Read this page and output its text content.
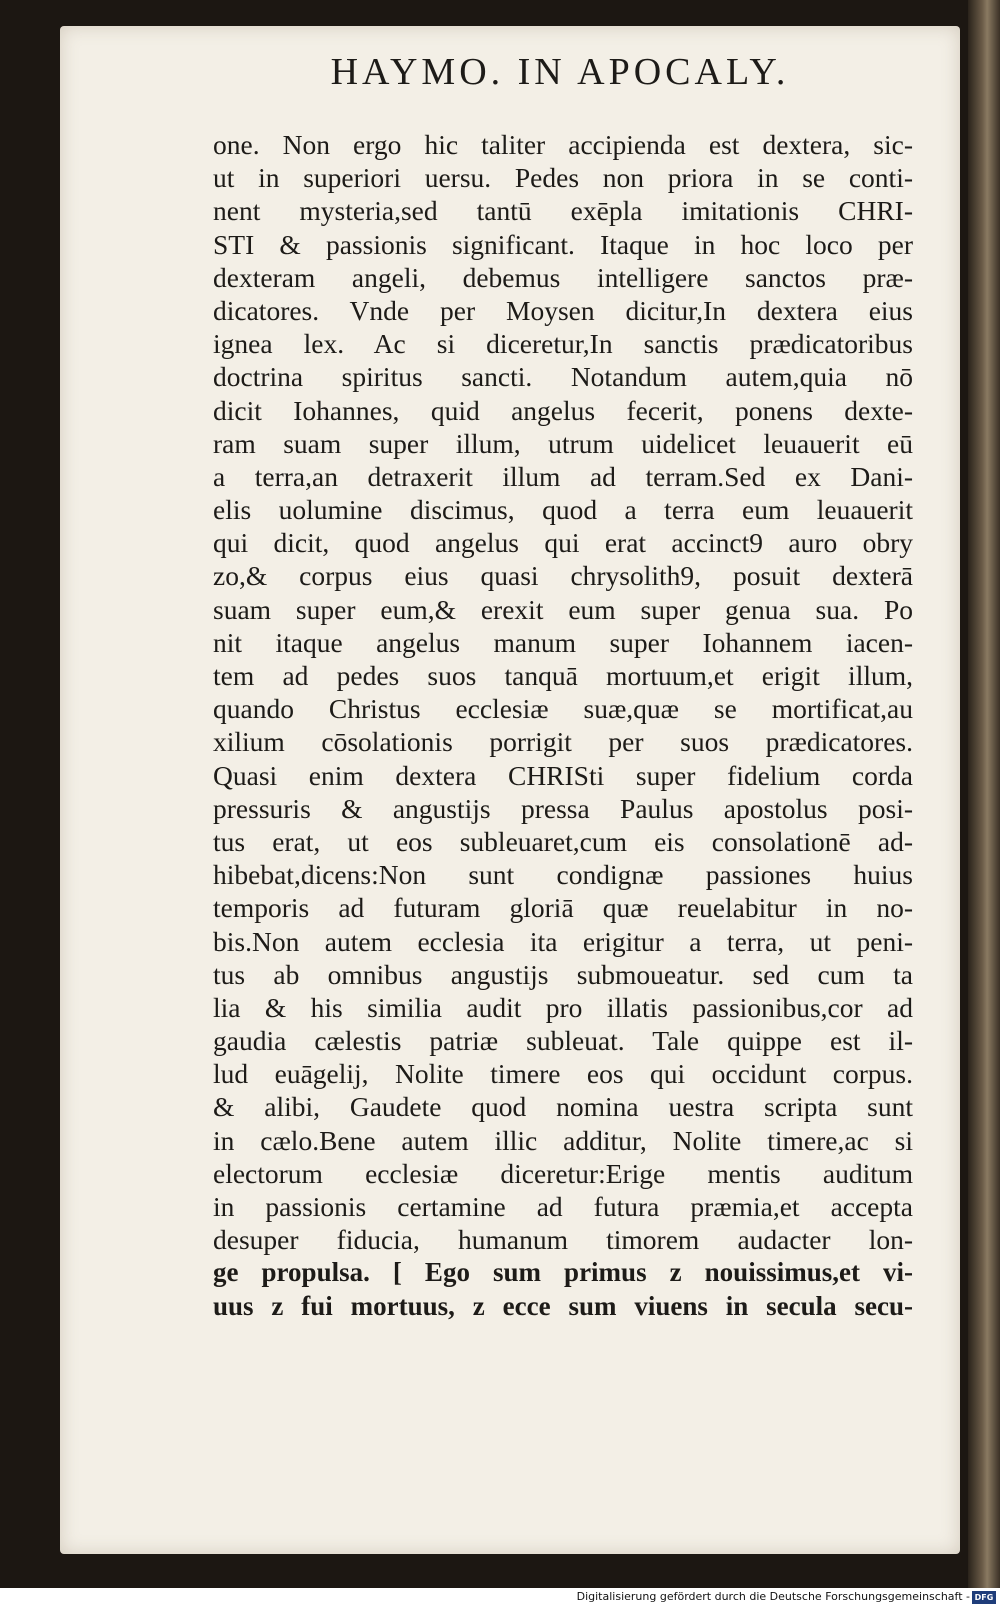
HAYMO. IN APOCALY.
one. Non ergo hic taliter accipienda est dextera, sic-
ut in superiori uersu. Pedes non priora in se conti-
nent mysteria,sed tantū exēpla imitationis CHRI-
STI & passionis significant. Itaque in hoc loco per
dexteram angeli, debemus intelligere sanctos præ-
dicatores. Vnde per Moysen dicitur,In dextera eius
ignea lex. Ac si diceretur,In sanctis prædicatoribus
doctrina spiritus sancti. Notandum autem,quia nō
dicit Iohannes, quid angelus fecerit, ponens dexte-
ram suam super illum, utrum uidelicet leuauerit eū
a terra,an detraxerit illum ad terram.Sed ex Dani-
elis uolumine discimus, quod a terra eum leuauerit
qui dicit, quod angelus qui erat accinct9 auro obry
zo,& corpus eius quasi chrysolith9, posuit dexterā
suam super eum,& erexit eum super genua sua. Po
nit itaque angelus manum super Iohannem iacen-
tem ad pedes suos tanquā mortuum,et erigit illum,
quando Christus ecclesiæ suæ,quæ se mortificat,au
xilium cōsolationis porrigit per suos prædicatores.
Quasi enim dextera CHRISti super fidelium corda
pressuris & angustijs pressa Paulus apostolus posi-
tus erat, ut eos subleuaret,cum eis consolationē ad-
hibebat,dicens:Non sunt condignæ passiones huius
temporis ad futuram gloriā quæ reuelabitur in no-
bis.Non autem ecclesia ita erigitur a terra, ut peni-
tus ab omnibus angustijs submoueatur. sed cum ta
lia & his similia audit pro illatis passionibus,cor ad
gaudia cælestis patriæ subleuat. Tale quippe est il-
lud euāgelij, Nolite timere eos qui occidunt corpus.
& alibi, Gaudete quod nomina uestra scripta sunt
in cælo.Bene autem illic additur, Nolite timere,ac si
electorum ecclesiæ diceretur:Erige mentis auditum
in passionis certamine ad futura præmia,et accepta
desuper fiducia, humanum timorem audacter lon-
ge propulsa. [ Ego sum primus z nouissimus,et vi-
uus z fui mortuus, z ecce sum viuens in secula secu-
Digitalisierung gefördert durch die Deutsche Forschungsgemeinschaft - DFG
